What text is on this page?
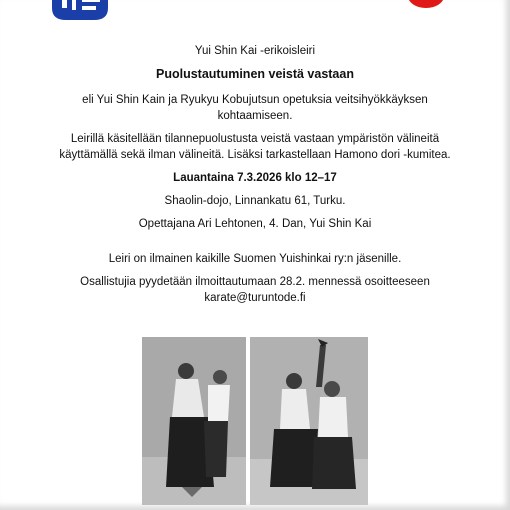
Yui Shin Kai -erikoisleiri
Puolustautuminen veistä vastaan
eli Yui Shin Kain ja Ryukyu Kobujutsun opetuksia veitsihyökkäyksen
kohtaamiseen.
Leirillä käsitellään tilannepuolustusta veistä vastaan ympäristön välineitä
käyttämällä sekä ilman välineitä. Lisäksi tarkastellaan Hamono dori -kumitea.
Lauantaina 7.3.2026 klo 12–17
Shaolin-dojo, Linnankatu 61, Turku.
Opettajana Ari Lehtonen, 4. Dan, Yui Shin Kai
Leiri on ilmainen kaikille Suomen Yuishinkai ry:n jäsenille.
Osallistujia pyydetään ilmoittautumaan 28.2. mennessä osoitteeseen
karate@turuntode.fi
